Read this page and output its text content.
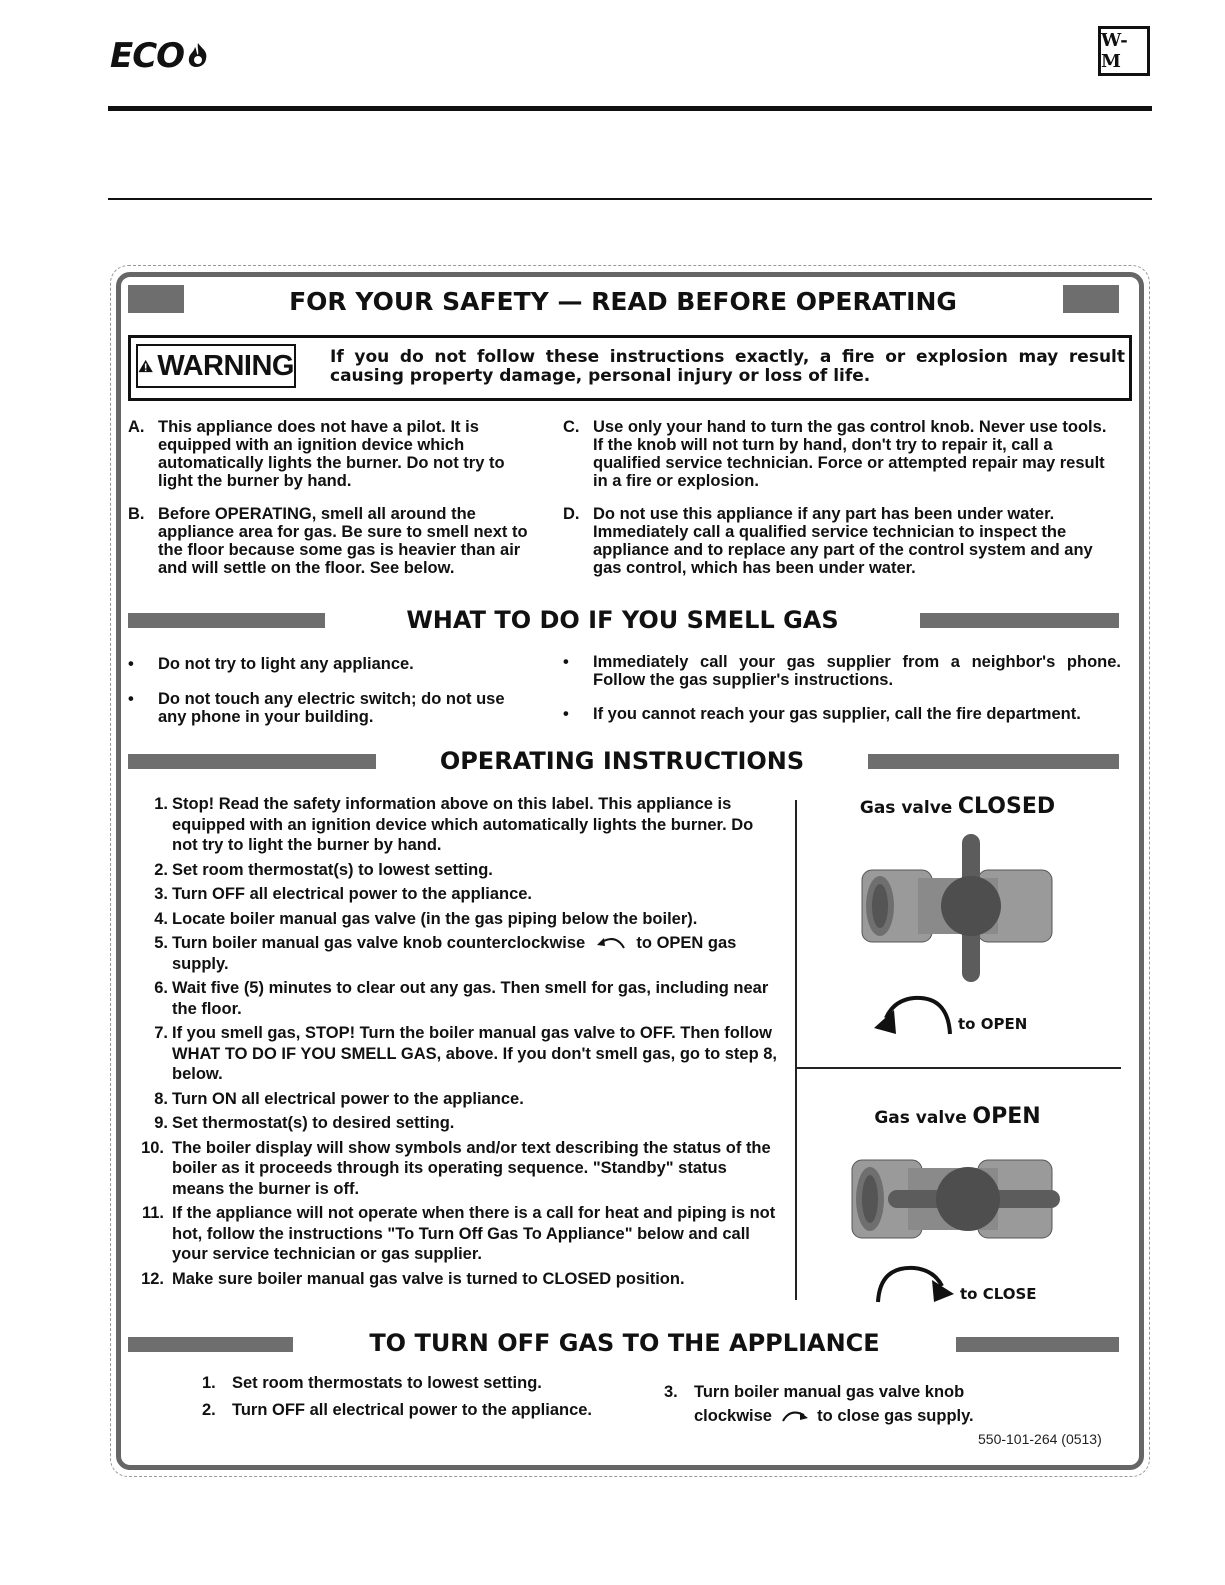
ECO	W-M
FOR YOUR SAFETY — READ BEFORE OPERATING
WARNING If you do not follow these instructions exactly, a fire or explosion may result causing property damage, personal injury or loss of life.
A. This appliance does not have a pilot. It is equipped with an ignition device which automatically lights the burner. Do not try to light the burner by hand.
B. Before OPERATING, smell all around the appliance area for gas. Be sure to smell next to the floor because some gas is heavier than air and will settle on the floor. See below.
C. Use only your hand to turn the gas control knob. Never use tools. If the knob will not turn by hand, don't try to repair it, call a qualified service technician. Force or attempted repair may result in a fire or explosion.
D. Do not use this appliance if any part has been under water. Immediately call a qualified service technician to inspect the appliance and to replace any part of the control system and any gas control, which has been under water.
WHAT TO DO IF YOU SMELL GAS
• Do not try to light any appliance.
• Do not touch any electric switch; do not use any phone in your building.
• Immediately call your gas supplier from a neighbor's phone. Follow the gas supplier's instructions.
• If you cannot reach your gas supplier, call the fire department.
OPERATING INSTRUCTIONS
1. Stop! Read the safety information above on this label. This appliance is equipped with an ignition device which automatically lights the burner. Do not try to light the burner by hand.
2. Set room thermostat(s) to lowest setting.
3. Turn OFF all electrical power to the appliance.
4. Locate boiler manual gas valve (in the gas piping below the boiler).
5. Turn boiler manual gas valve knob counterclockwise	to OPEN gas supply.
6. Wait five (5) minutes to clear out any gas. Then smell for gas, including near the floor.
7. If you smell gas, STOP! Turn the boiler manual gas valve to OFF. Then follow WHAT TO DO IF YOU SMELL GAS, above. If you don't smell gas, go to step 8, below.
8. Turn ON all electrical power to the appliance.
9. Set thermostat(s) to desired setting.
10. The boiler display will show symbols and/or text describing the status of the boiler as it proceeds through its operating sequence. "Standby" status means the burner is off.
11. If the appliance will not operate when there is a call for heat and piping is not hot, follow the instructions "To Turn Off Gas To Appliance" below and call your service technician or gas supplier.
12. Make sure boiler manual gas valve is turned to CLOSED position.
Gas valve CLOSED
to OPEN
Gas valve OPEN
to CLOSE
TO TURN OFF GAS TO THE APPLIANCE
1. Set room thermostats to lowest setting.
2. Turn OFF all electrical power to the appliance.
3. Turn boiler manual gas valve knob clockwise	to close gas supply.
550-101-264 (0513)
